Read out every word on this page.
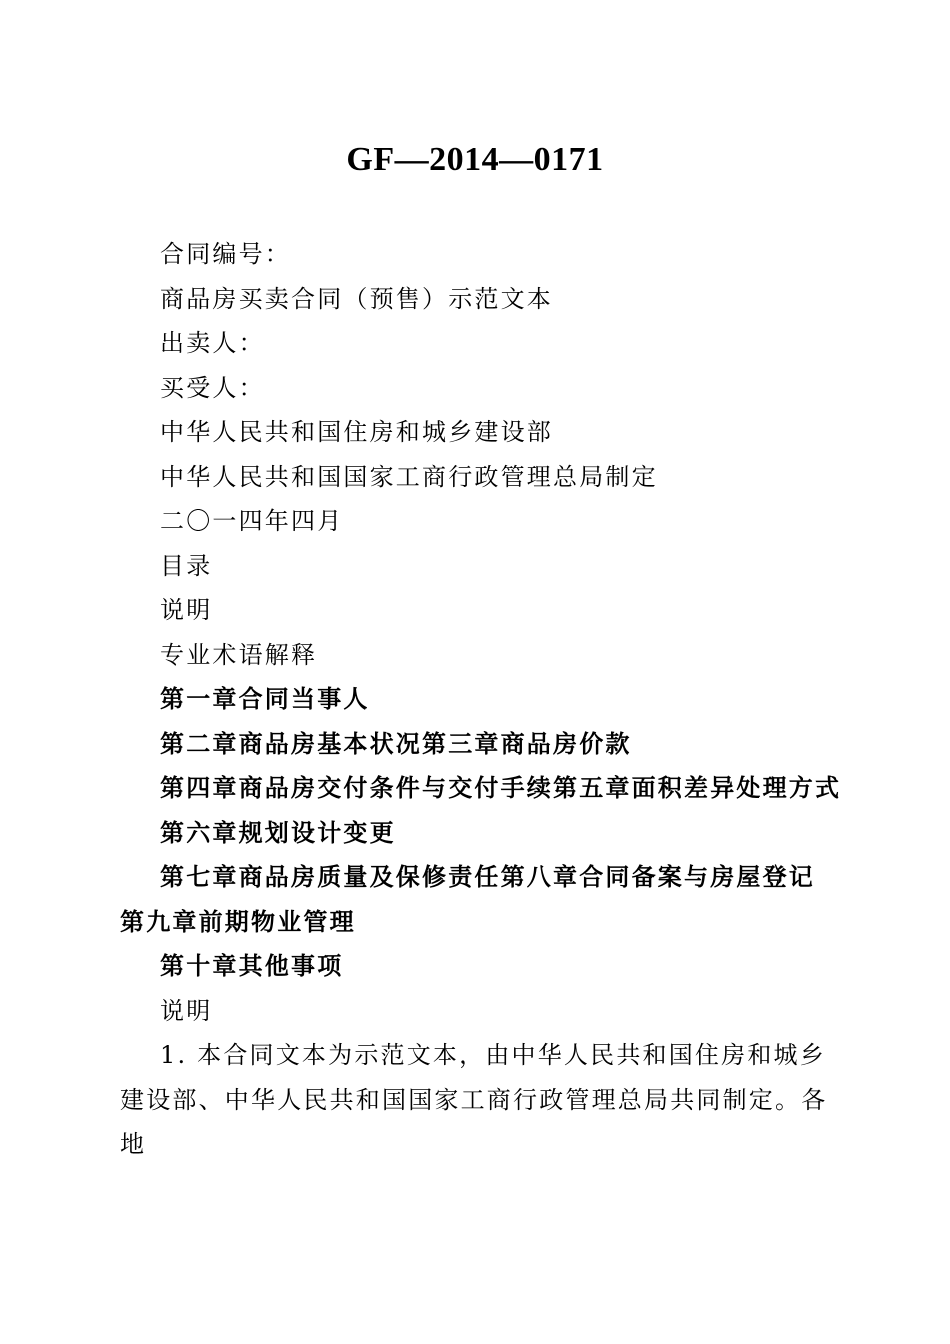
GF—2014—0171
合同编号：
商品房买卖合同（预售）示范文本
出卖人：
买受人：
中华人民共和国住房和城乡建设部
中华人民共和国国家工商行政管理总局制定
二〇一四年四月
目录
说明
专业术语解释
第一章合同当事人
第二章商品房基本状况第三章商品房价款
第四章商品房交付条件与交付手续第五章面积差异处理方式
第六章规划设计变更
第七章商品房质量及保修责任第八章合同备案与房屋登记第九章前期物业管理
第十章其他事项
说明
1. 本合同文本为示范文本，由中华人民共和国住房和城乡建设部、中华人民共和国国家工商行政管理总局共同制定。各地
